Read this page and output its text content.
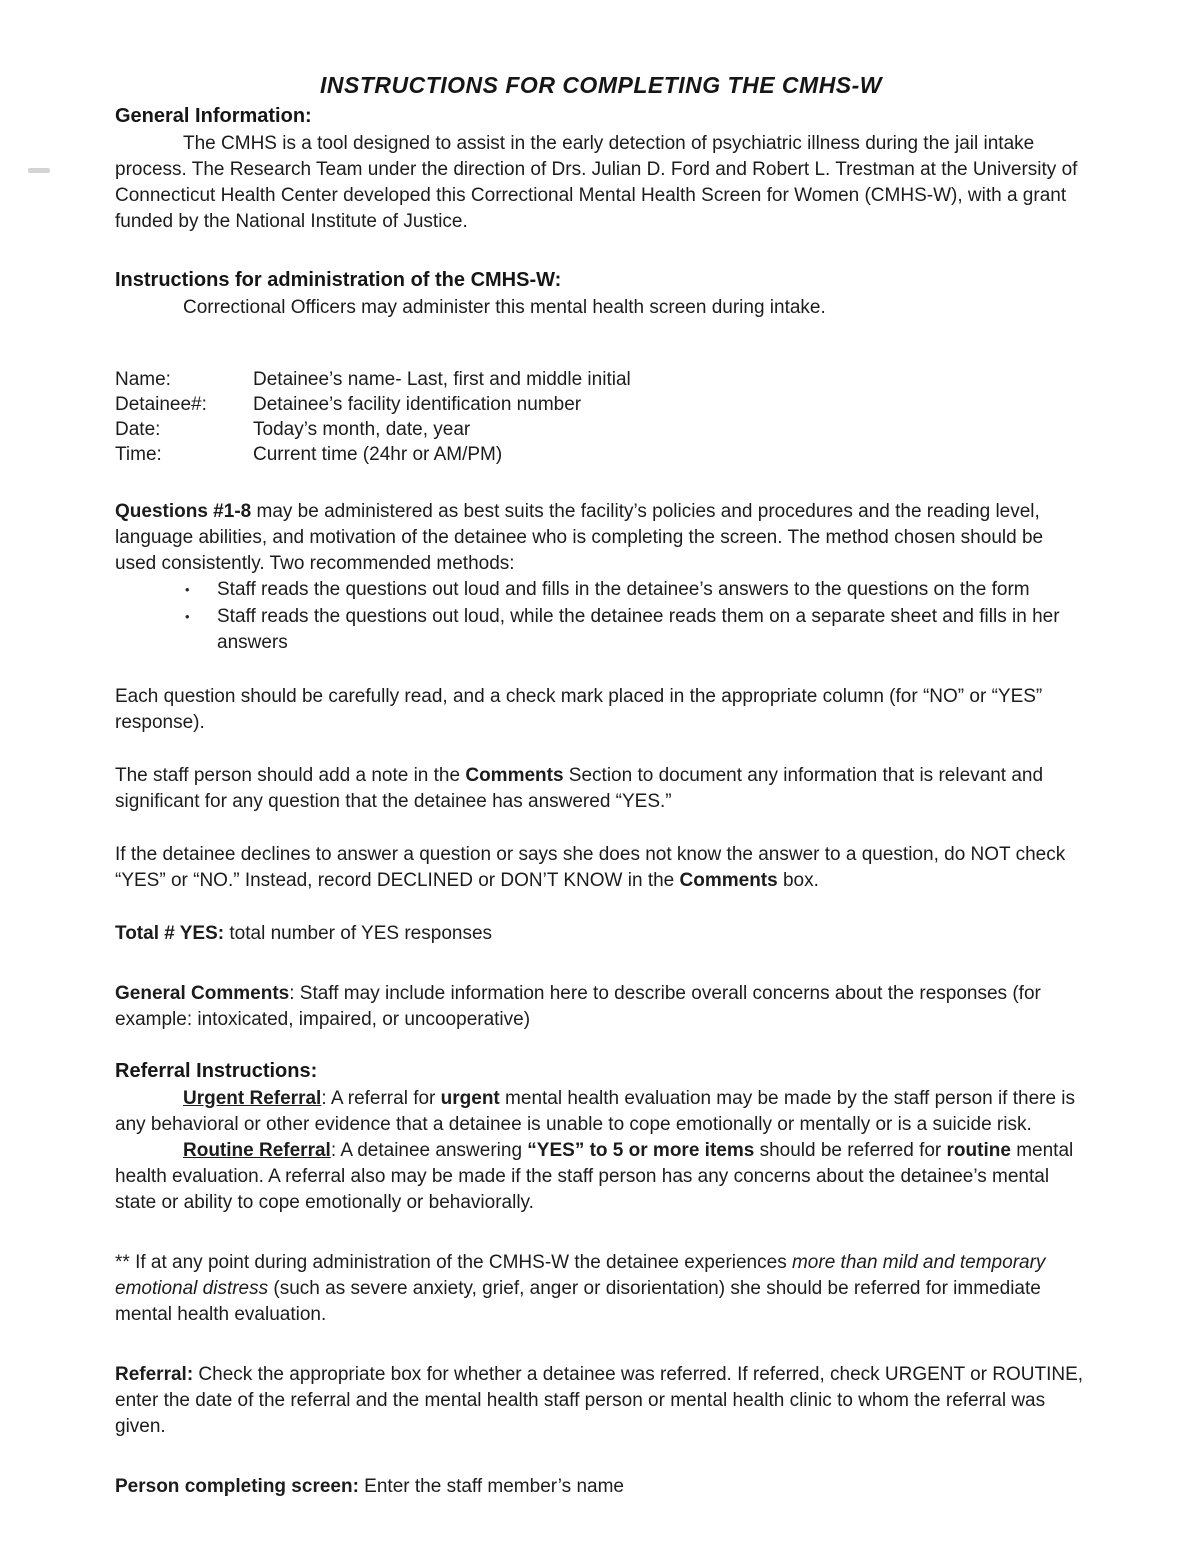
INSTRUCTIONS FOR COMPLETING THE CMHS-W
General Information:

The CMHS is a tool designed to assist in the early detection of psychiatric illness during the jail intake process. The Research Team under the direction of Drs. Julian D. Ford and Robert L. Trestman at the University of Connecticut Health Center developed this Correctional Mental Health Screen for Women (CMHS-W), with a grant funded by the National Institute of Justice.

Instructions for administration of the CMHS-W:

Correctional Officers may administer this mental health screen during intake.

Name:	Detainee’s name- Last, first and middle initial
Detainee#:	Detainee’s facility identification number
Date:	Today’s month, date, year
Time:	Current time (24hr or AM/PM)

Questions #1-8 may be administered as best suits the facility’s policies and procedures and the reading level, language abilities, and motivation of the detainee who is completing the screen. The method chosen should be used consistently. Two recommended methods:

• Staff reads the questions out loud and fills in the detainee’s answers to the questions on the form
• Staff reads the questions out loud, while the detainee reads them on a separate sheet and fills in her answers

Each question should be carefully read, and a check mark placed in the appropriate column (for “NO” or “YES” response).

The staff person should add a note in the Comments Section to document any information that is relevant and significant for any question that the detainee has answered “YES.”

If the detainee declines to answer a question or says she does not know the answer to a question, do NOT check “YES” or “NO.” Instead, record DECLINED or DON’T KNOW in the Comments box.

Total # YES: total number of YES responses

General Comments: Staff may include information here to describe overall concerns about the responses (for example: intoxicated, impaired, or uncooperative)

Referral Instructions:

Urgent Referral: A referral for urgent mental health evaluation may be made by the staff person if there is any behavioral or other evidence that a detainee is unable to cope emotionally or mentally or is a suicide risk.

Routine Referral: A detainee answering “YES” to 5 or more items should be referred for routine mental health evaluation. A referral also may be made if the staff person has any concerns about the detainee’s mental state or ability to cope emotionally or behaviorally.

** If at any point during administration of the CMHS-W the detainee experiences more than mild and temporary emotional distress (such as severe anxiety, grief, anger or disorientation) she should be referred for immediate mental health evaluation.

Referral: Check the appropriate box for whether a detainee was referred. If referred, check URGENT or ROUTINE, enter the date of the referral and the mental health staff person or mental health clinic to whom the referral was given.

Person completing screen: Enter the staff member’s name
